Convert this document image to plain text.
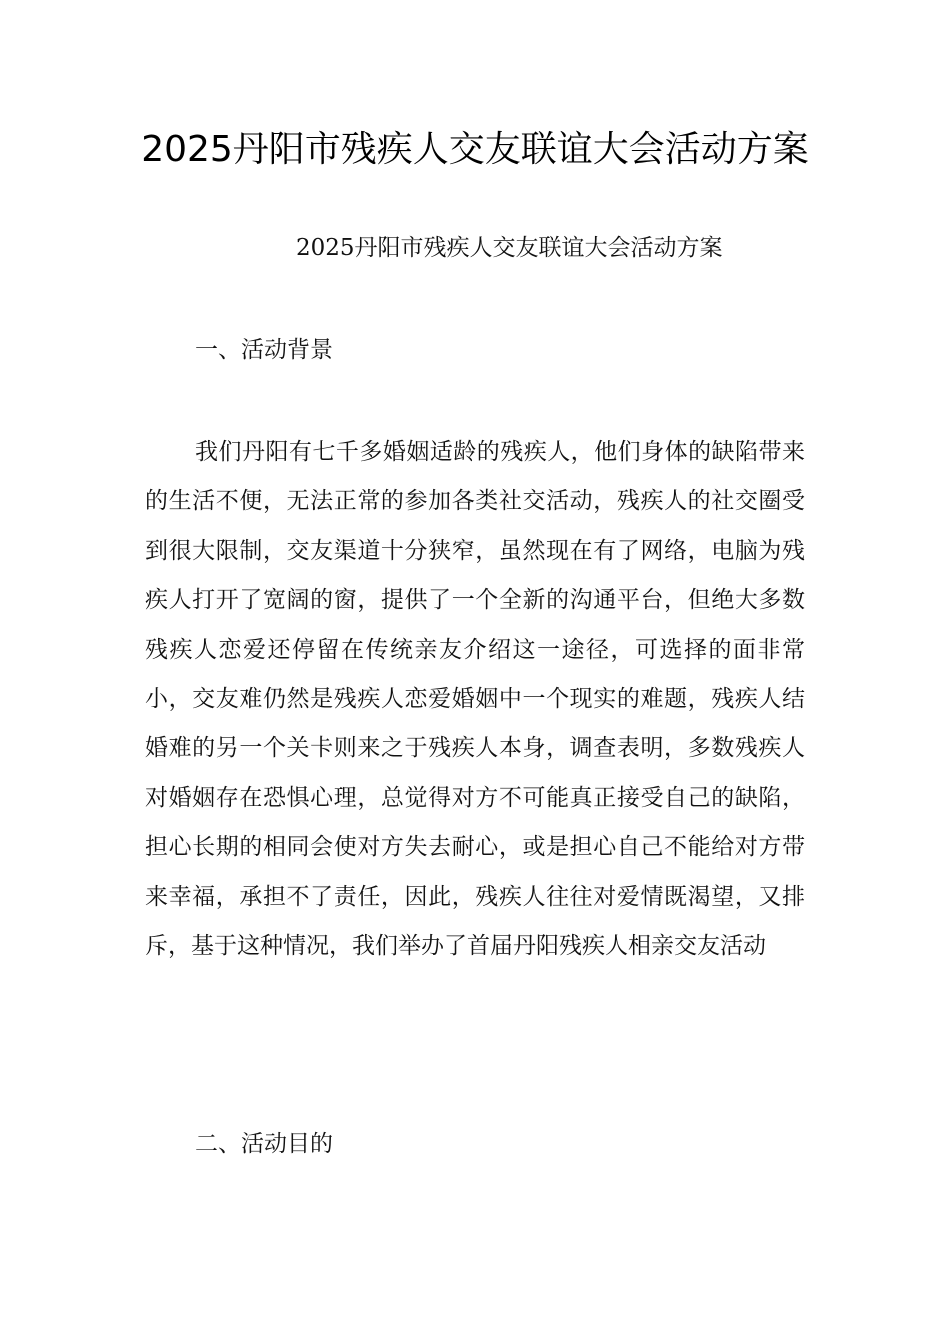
2025丹阳市残疾人交友联谊大会活动方案
2025丹阳市残疾人交友联谊大会活动方案
一、活动背景

我们丹阳有七千多婚姻适龄的残疾人，他们身体的缺陷带来的生活不便，无法正常的参加各类社交活动，残疾人的社交圈受到很大限制，交友渠道十分狭窄，虽然现在有了网络，电脑为残疾人打开了宽阔的窗，提供了一个全新的沟通平台，但绝大多数残疾人恋爱还停留在传统亲友介绍这一途径，可选择的面非常小，交友难仍然是残疾人恋爱婚姻中一个现实的难题，残疾人结婚难的另一个关卡则来之于残疾人本身，调查表明，多数残疾人对婚姻存在恐惧心理，总觉得对方不可能真正接受自己的缺陷，担心长期的相同会使对方失去耐心，或是担心自己不能给对方带来幸福，承担不了责任，因此，残疾人往往对爱情既渴望，又排斥，基于这种情况，我们举办了首届丹阳残疾人相亲交友活动

二、活动目的
